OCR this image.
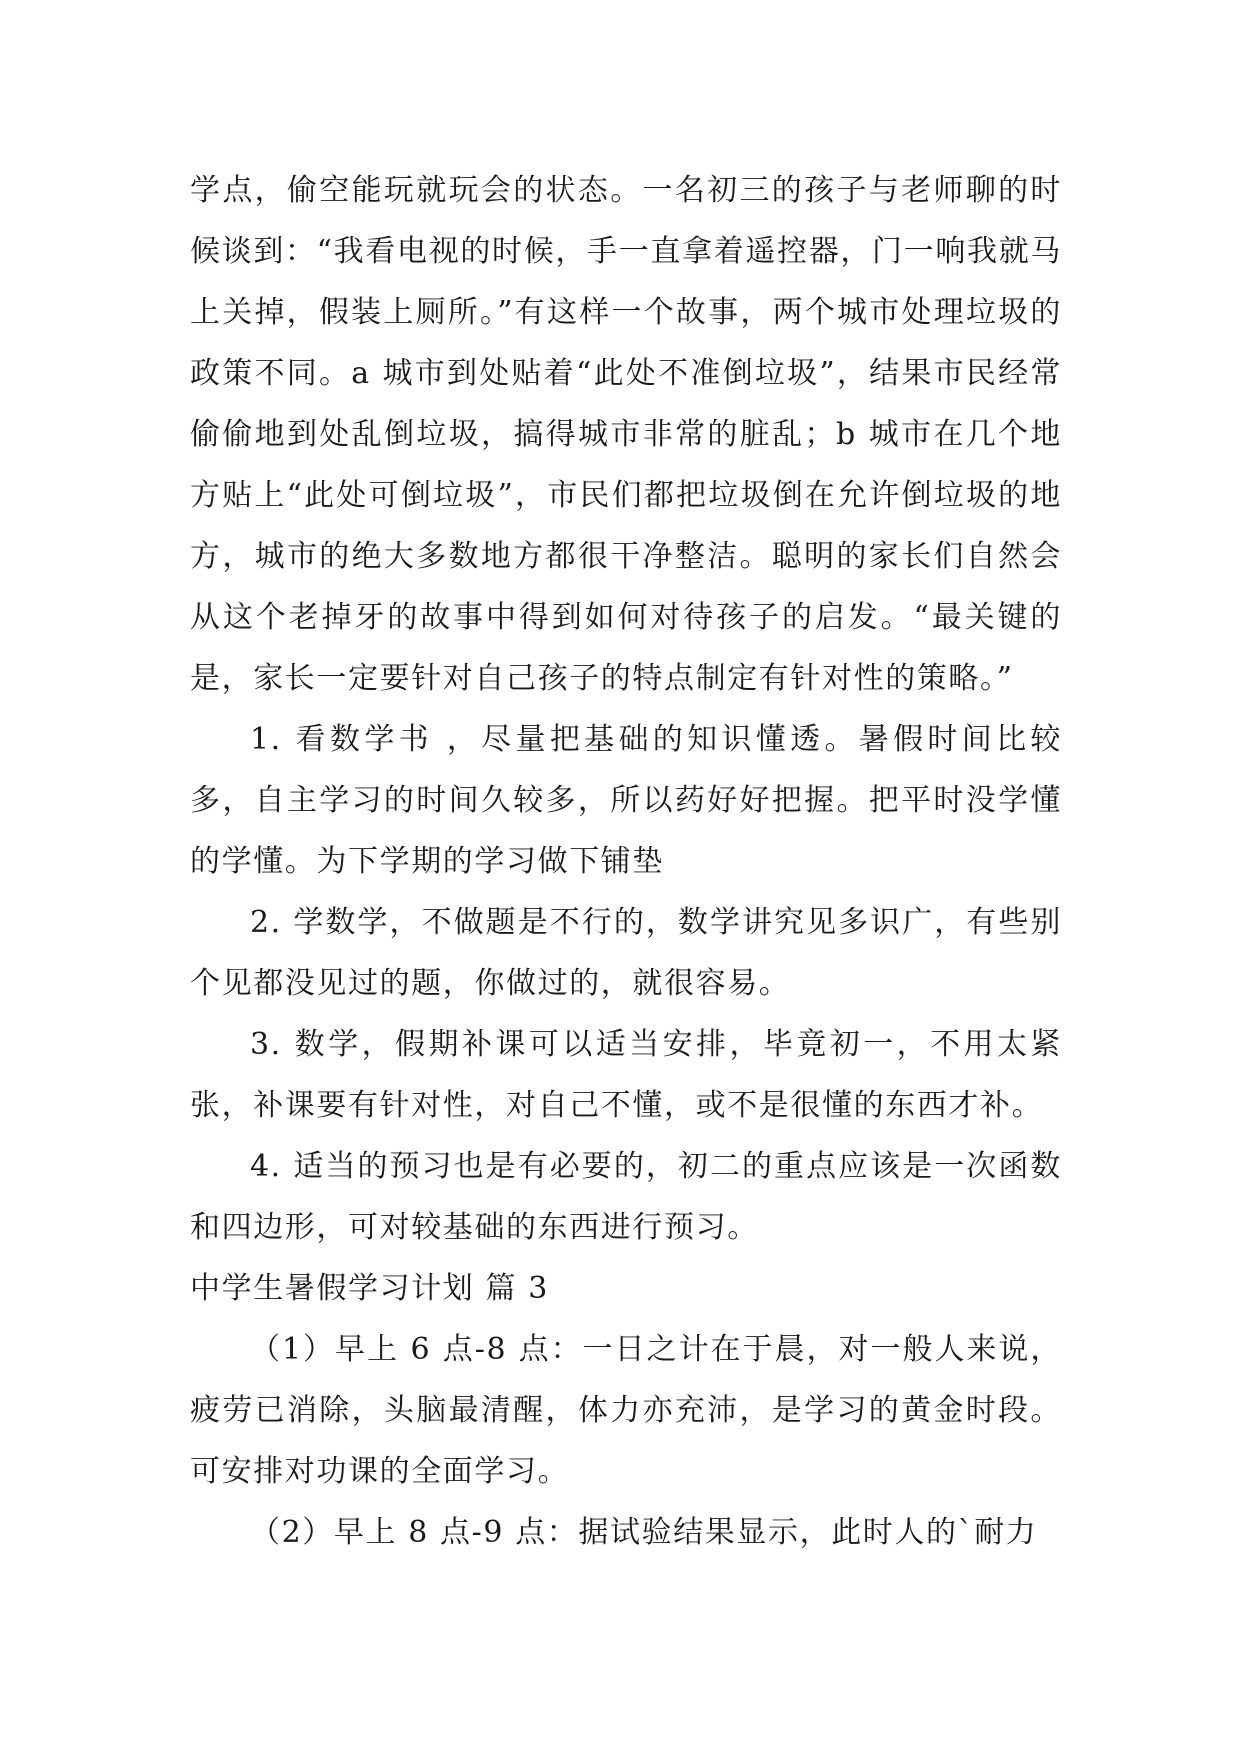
学点，偷空能玩就玩会的状态。一名初三的孩子与老师聊的时候谈到：“我看电视的时候，手一直拿着遥控器，门一响我就马上关掉，假装上厕所。”有这样一个故事，两个城市处理垃圾的政策不同。a 城市到处贴着“此处不准倒垃圾”，结果市民经常偷偷地到处乱倒垃圾，搞得城市非常的脏乱；b 城市在几个地方贴上“此处可倒垃圾”，市民们都把垃圾倒在允许倒垃圾的地方，城市的绝大多数地方都很干净整洁。聪明的家长们自然会从这个老掉牙的故事中得到如何对待孩子的启发。“最关键的是，家长一定要针对自己孩子的特点制定有针对性的策略。”

1. 看数学书 ，尽量把基础的知识懂透。暑假时间比较多，自主学习的时间久较多，所以药好好把握。把平时没学懂的学懂。为下学期的学习做下铺垫

2. 学数学，不做题是不行的，数学讲究见多识广，有些别个见都没见过的题，你做过的，就很容易。

3. 数学，假期补课可以适当安排，毕竟初一，不用太紧张，补课要有针对性，对自己不懂，或不是很懂的东西才补。

4. 适当的预习也是有必要的，初二的重点应该是一次函数和四边形，可对较基础的东西进行预习。

中学生暑假学习计划 篇 3

（1）早上 6 点-8 点：一日之计在于晨，对一般人来说，疲劳已消除，头脑最清醒，体力亦充沛，是学习的黄金时段。可安排对功课的全面学习。

（2）早上 8 点-9 点：据试验结果显示，此时人的`耐力
